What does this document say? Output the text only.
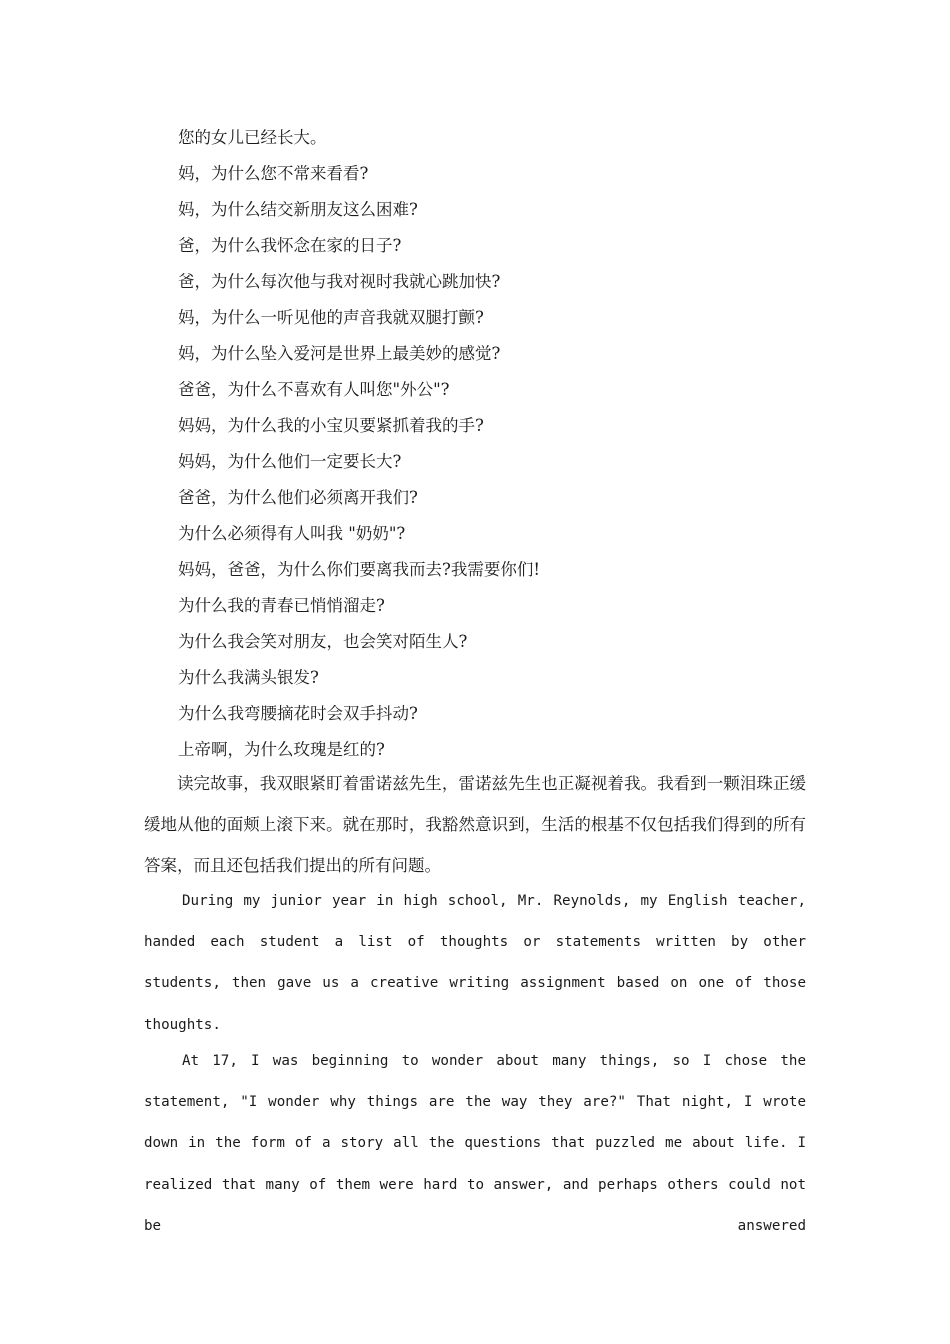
您的女儿已经长大。

妈，为什么您不常来看看?

妈，为什么结交新朋友这么困难?

爸，为什么我怀念在家的日子?

爸，为什么每次他与我对视时我就心跳加快?

妈，为什么一听见他的声音我就双腿打颤?

妈，为什么坠入爱河是世界上最美妙的感觉?

爸爸，为什么不喜欢有人叫您"外公"?

妈妈，为什么我的小宝贝要紧抓着我的手?

妈妈，为什么他们一定要长大?

爸爸，为什么他们必须离开我们?

为什么必须得有人叫我 "奶奶"?

妈妈，爸爸，为什么你们要离我而去?我需要你们!

为什么我的青春已悄悄溜走?

为什么我会笑对朋友，也会笑对陌生人?

为什么我满头银发?

为什么我弯腰摘花时会双手抖动?

上帝啊，为什么玫瑰是红的?

读完故事，我双眼紧盯着雷诺兹先生，雷诺兹先生也正凝视着我。我看到一颗泪珠正缓缓地从他的面颊上滚下来。就在那时，我豁然意识到，生活的根基不仅包括我们得到的所有答案，而且还包括我们提出的所有问题。

During my junior year in high school, Mr. Reynolds, my English teacher, handed each student a list of thoughts or statements written by other students, then gave us a creative writing assignment based on one of those thoughts.

At 17, I was beginning to wonder about many things, so I chose the statement, "I wonder why things are the way they are?" That night, I wrote down in the form of a story all the questions that puzzled me about life. I realized that many of them were hard to answer, and perhaps others could not be answered
